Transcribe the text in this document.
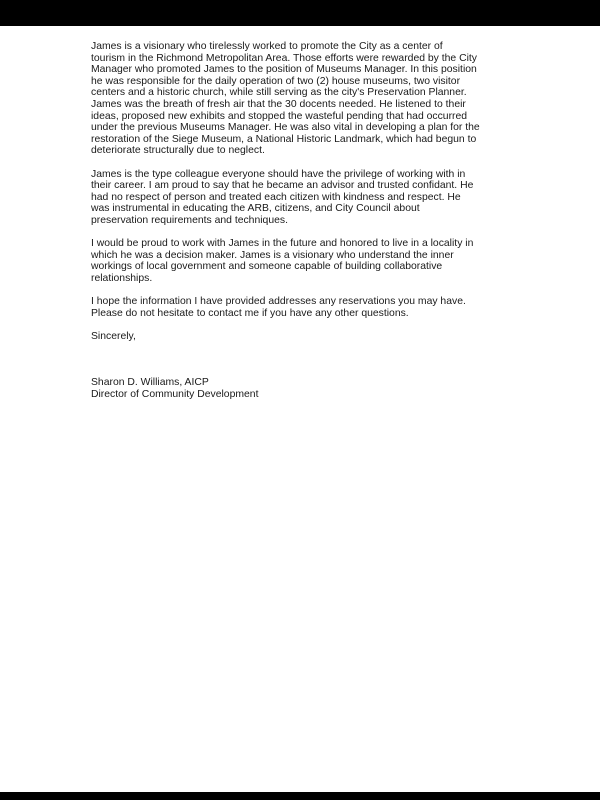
James is a visionary who tirelessly worked to promote the City as a center of
tourism in the Richmond Metropolitan Area. Those efforts were rewarded by the City
Manager who promoted James to the position of Museums Manager. In this position
he was responsible for the daily operation of two (2) house museums, two visitor
centers and a historic church, while still serving as the city's Preservation Planner.
James was the breath of fresh air that the 30 docents needed. He listened to their
ideas, proposed new exhibits and stopped the wasteful pending that had occurred
under the previous Museums Manager. He was also vital in developing a plan for the
restoration of the Siege Museum, a National Historic Landmark, which had begun to
deteriorate structurally due to neglect.

James is the type colleague everyone should have the privilege of working with in
their career. I am proud to say that he became an advisor and trusted confidant. He
had no respect of person and treated each citizen with kindness and respect. He
was instrumental in educating the ARB, citizens, and City Council about
preservation requirements and techniques.

I would be proud to work with James in the future and honored to live in a locality in
which he was a decision maker. James is a visionary who understand the inner
workings of local government and someone capable of building collaborative
relationships.

I hope the information I have provided addresses any reservations you may have.
Please do not hesitate to contact me if you have any other questions.

Sincerely,

Sharon D. Williams, AICP

Director of Community Development
